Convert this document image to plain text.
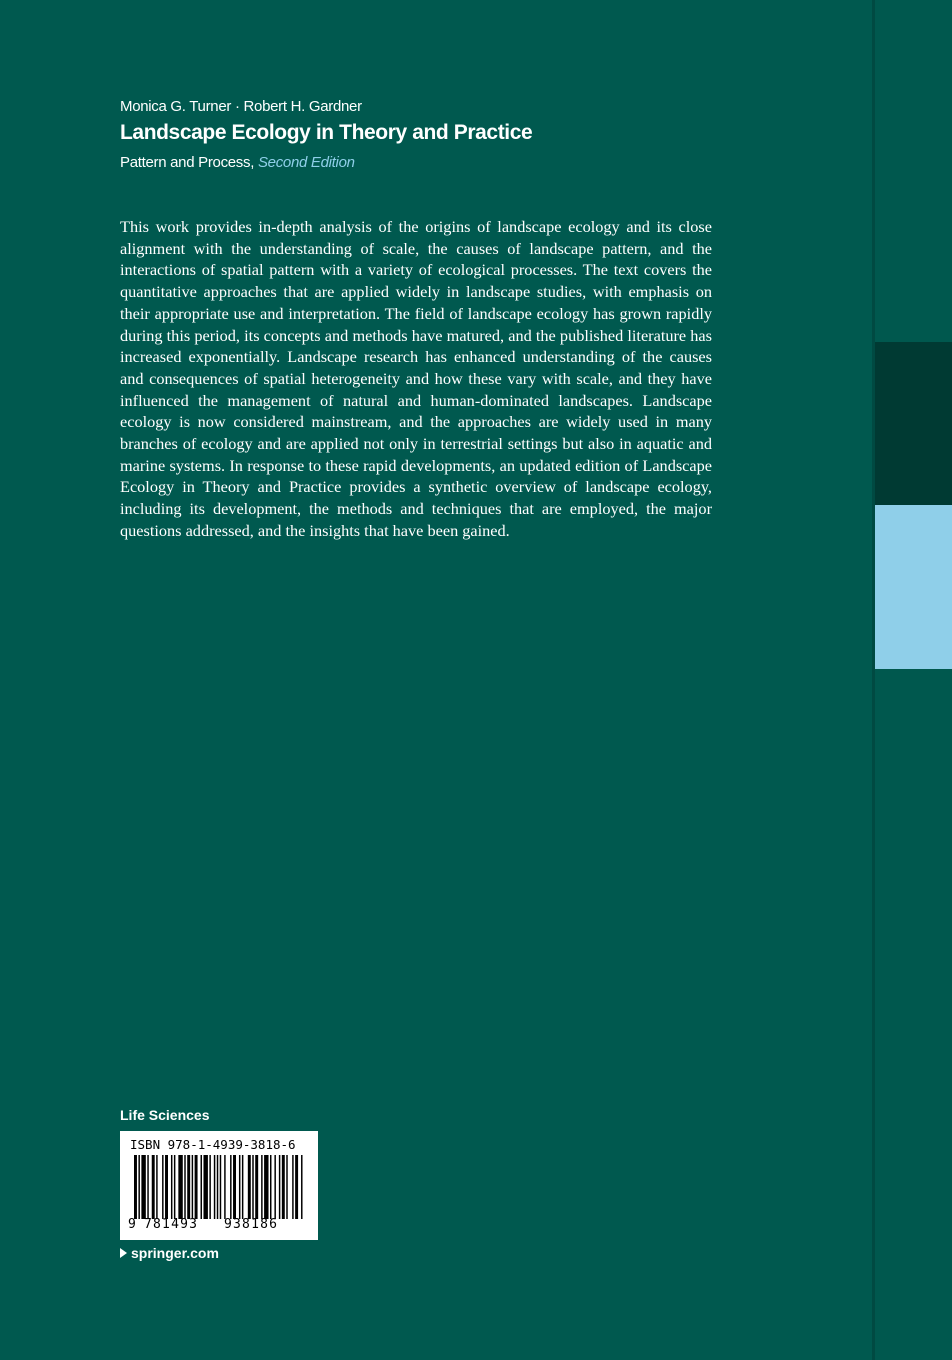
Monica G. Turner · Robert H. Gardner
Landscape Ecology in Theory and Practice
Pattern and Process, Second Edition

This work provides in-depth analysis of the origins of landscape ecology and its close alignment with the understanding of scale, the causes of landscape pattern, and the interactions of spatial pattern with a variety of ecological processes. The text covers the quantitative approaches that are applied widely in landscape studies, with emphasis on their appropriate use and interpretation. The field of landscape ecology has grown rapidly during this period, its concepts and methods have matured, and the published literature has increased exponentially. Landscape research has enhanced understanding of the causes and consequences of spatial heterogeneity and how these vary with scale, and they have influenced the management of natural and human-dominated landscapes. Landscape ecology is now considered mainstream, and the approaches are widely used in many branches of ecology and are applied not only in terrestrial settings but also in aquatic and marine systems. In response to these rapid developments, an updated edition of Landscape Ecology in Theory and Practice provides a synthetic overview of landscape ecology, including its development, the methods and techniques that are employed, the major questions addressed, and the insights that have been gained.

Life Sciences
ISBN 978-1-4939-3818-6
9 781493 938186
springer.com
